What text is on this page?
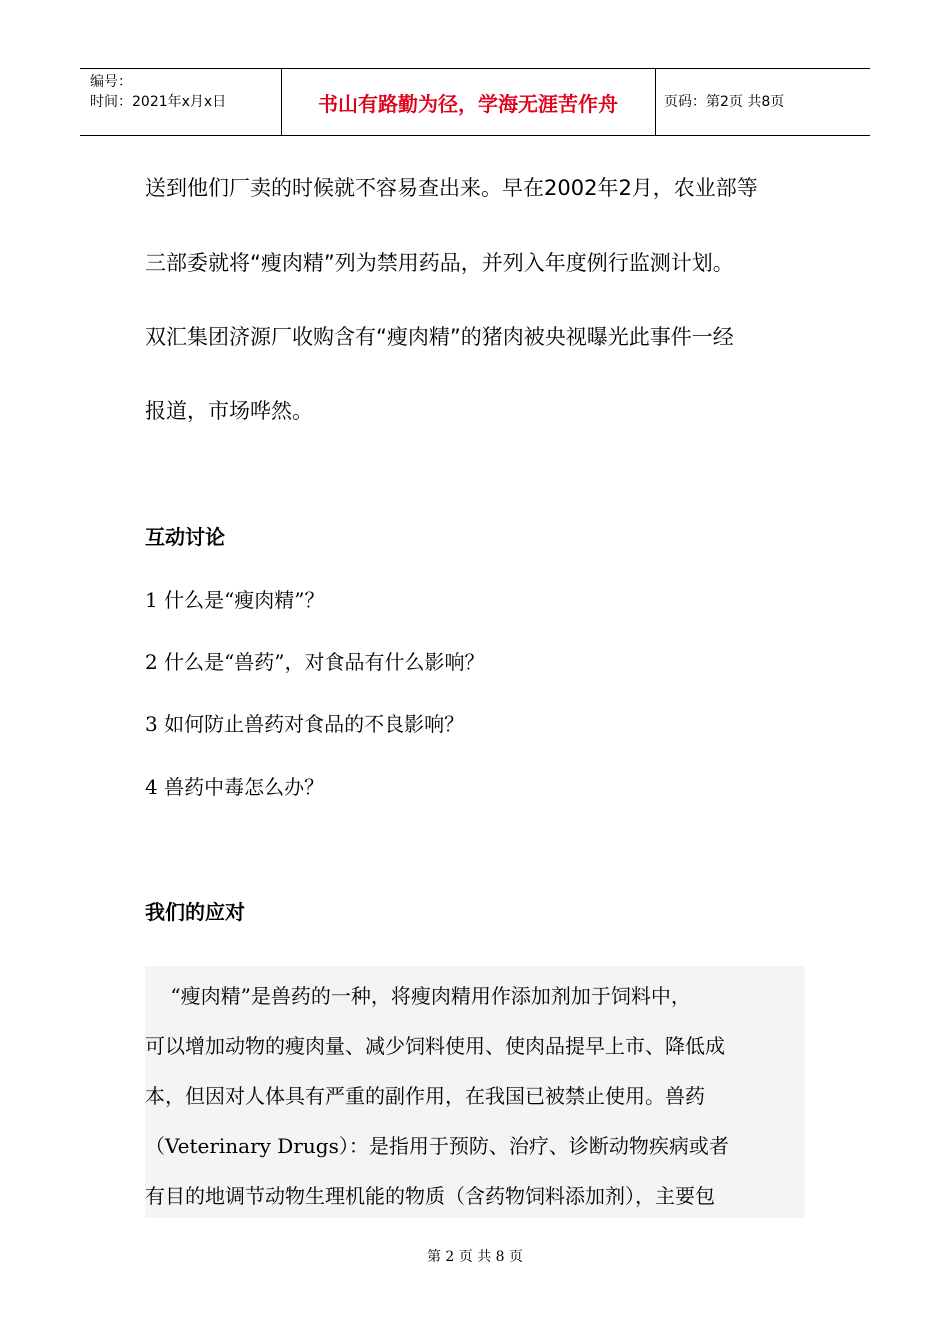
编号：
时间：2021年x月x日	书山有路勤为径，学海无涯苦作舟	页码：第2页 共8页
送到他们厂卖的时候就不容易查出来。早在2002年2月，农业部等
三部委就将“瘦肉精”列为禁用药品，并列入年度例行监测计划。
双汇集团济源厂收购含有“瘦肉精”的猪肉被央视曝光此事件一经
报道，市场哗然。
互动讨论
1 什么是“瘦肉精”？
2 什么是“兽药”，对食品有什么影响？
3 如何防止兽药对食品的不良影响？
4 兽药中毒怎么办？
我们的应对
“瘦肉精”是兽药的一种，将瘦肉精用作添加剂加于饲料中，
可以增加动物的瘦肉量、减少饲料使用、使肉品提早上市、降低成
本，但因对人体具有严重的副作用，在我国已被禁止使用。兽药
（Veterinary Drugs）：是指用于预防、治疗、诊断动物疾病或者
有目的地调节动物生理机能的物质（含药物饲料添加剂），主要包
第 2 页 共 8 页
